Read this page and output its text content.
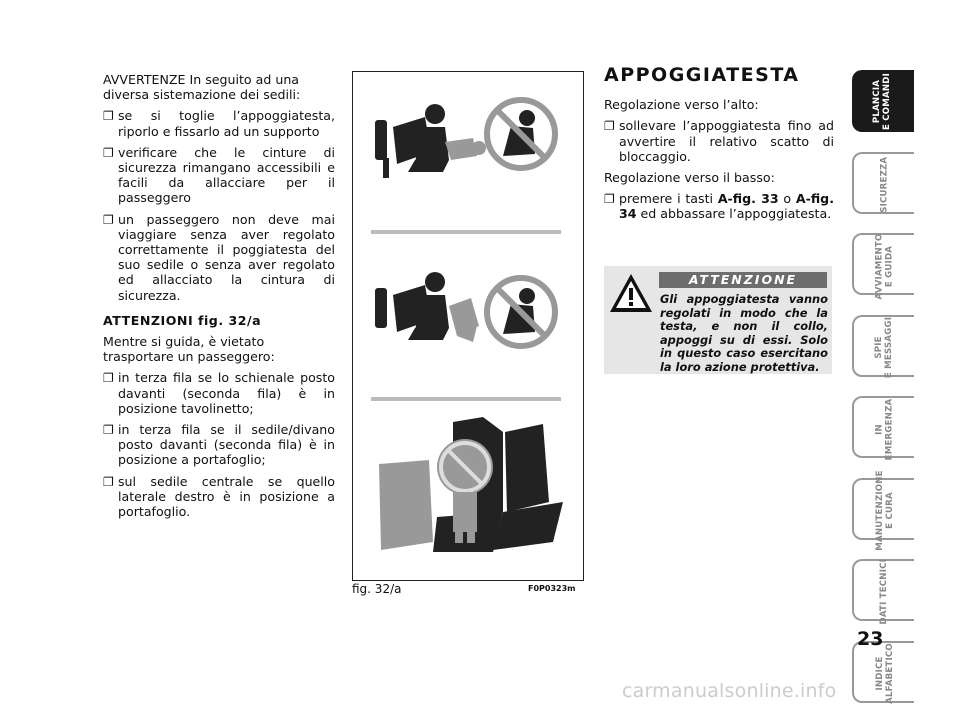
AVVERTENZE In seguito ad una diversa sistemazione dei sedili:

❐ se si toglie l’appoggiatesta, riporlo e fissarlo ad un supporto
❐ verificare che le cinture di sicurezza rimangano accessibili e facili da allacciare per il passeggero
❐ un passeggero non deve mai viaggiare senza aver regolato correttamente il poggiatesta del suo sedile o senza aver regolato ed allacciato la cintura di sicurezza.

ATTENZIONI fig. 32/a

Mentre si guida, è vietato trasportare un passeggero:

❐ in terza fila se lo schienale posto davanti (seconda fila) è in posizione tavolinetto;
❐ in terza fila se il sedile/divano posto davanti (seconda fila) è in posizione a portafoglio;
❐ sul sedile centrale se quello laterale destro è in posizione a portafoglio.
fig. 32/a	F0P0323m
APPOGGIATESTA

Regolazione verso l’alto:

❐ sollevare l’appoggiatesta fino ad avvertire il relativo scatto di bloccaggio.

Regolazione verso il basso:

❐ premere i tasti A-fig. 33 o A-fig. 34 ed abbassare l’appoggiatesta.
ATTENZIONE
Gli appoggiatesta vanno regolati in modo che la testa, e non il collo, appoggi su di essi. Solo in questo caso esercitano la loro azione protettiva.
PLANCIA
E COMANDI
SICUREZZA
AVVIAMENTO
E GUIDA
SPIE
E MESSAGGI
IN
EMERGENZA
MANUTENZIONE
E CURA
DATI TECNICI
INDICE
ALFABETICO
23
carmanualsonline.info
